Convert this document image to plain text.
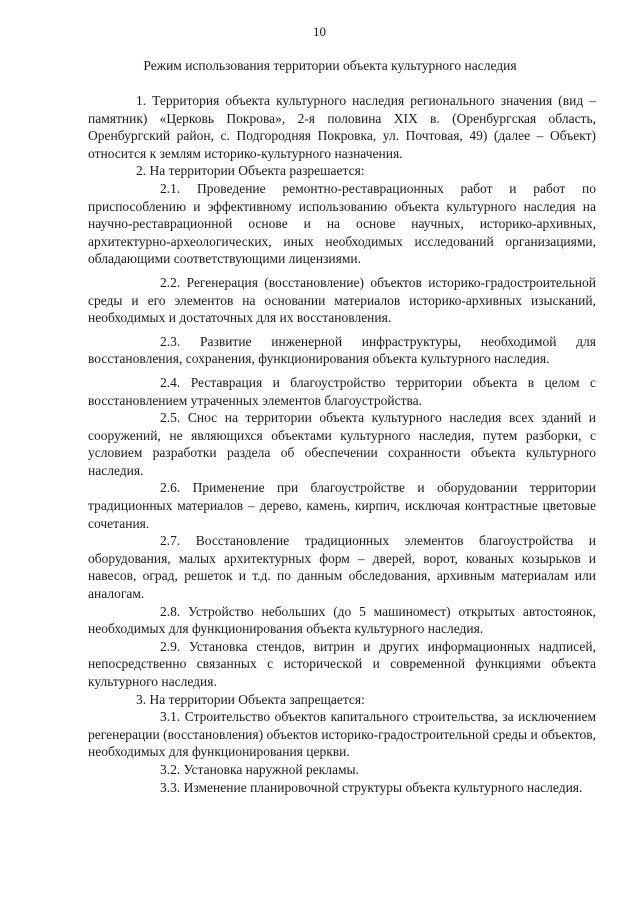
10
Режим использования территории объекта культурного наследия

1. Территория объекта культурного наследия регионального значения (вид – памятник) «Церковь Покрова», 2-я половина XIX в. (Оренбургская область, Оренбургский район, с. Подгородняя Покровка, ул. Почтовая, 49) (далее – Объект) относится к землям историко-культурного назначения.

2. На территории Объекта разрешается:

2.1. Проведение ремонтно-реставрационных работ и работ по приспособлению и эффективному использованию объекта культурного наследия на научно-реставрационной основе и на основе научных, историко-архивных, архитектурно-археологических, иных необходимых исследований организациями, обладающими соответствующими лицензиями.

2.2. Регенерация (восстановление) объектов историко-градостроительной среды и его элементов на основании материалов историко-архивных изысканий, необходимых и достаточных для их восстановления.

2.3. Развитие инженерной инфраструктуры, необходимой для восстановления, сохранения, функционирования объекта культурного наследия.

2.4. Реставрация и благоустройство территории объекта в целом с восстановлением утраченных элементов благоустройства.

2.5. Снос на территории объекта культурного наследия всех зданий и сооружений, не являющихся объектами культурного наследия, путем разборки, с условием разработки раздела об обеспечении сохранности объекта культурного наследия.

2.6. Применение при благоустройстве и оборудовании территории традиционных материалов – дерево, камень, кирпич, исключая контрастные цветовые сочетания.

2.7. Восстановление традиционных элементов благоустройства и оборудования, малых архитектурных форм – дверей, ворот, кованых козырьков и навесов, оград, решеток и т.д. по данным обследования, архивным материалам или аналогам.

2.8. Устройство небольших (до 5 машиномест) открытых автостоянок, необходимых для функционирования объекта культурного наследия.

2.9. Установка стендов, витрин и других информационных надписей, непосредственно связанных с исторической и современной функциями объекта культурного наследия.

3. На территории Объекта запрещается:

3.1. Строительство объектов капитального строительства, за исключением регенерации (восстановления) объектов историко-градостроительной среды и объектов, необходимых для функционирования церкви.

3.2. Установка наружной рекламы.

3.3. Изменение планировочной структуры объекта культурного наследия.
